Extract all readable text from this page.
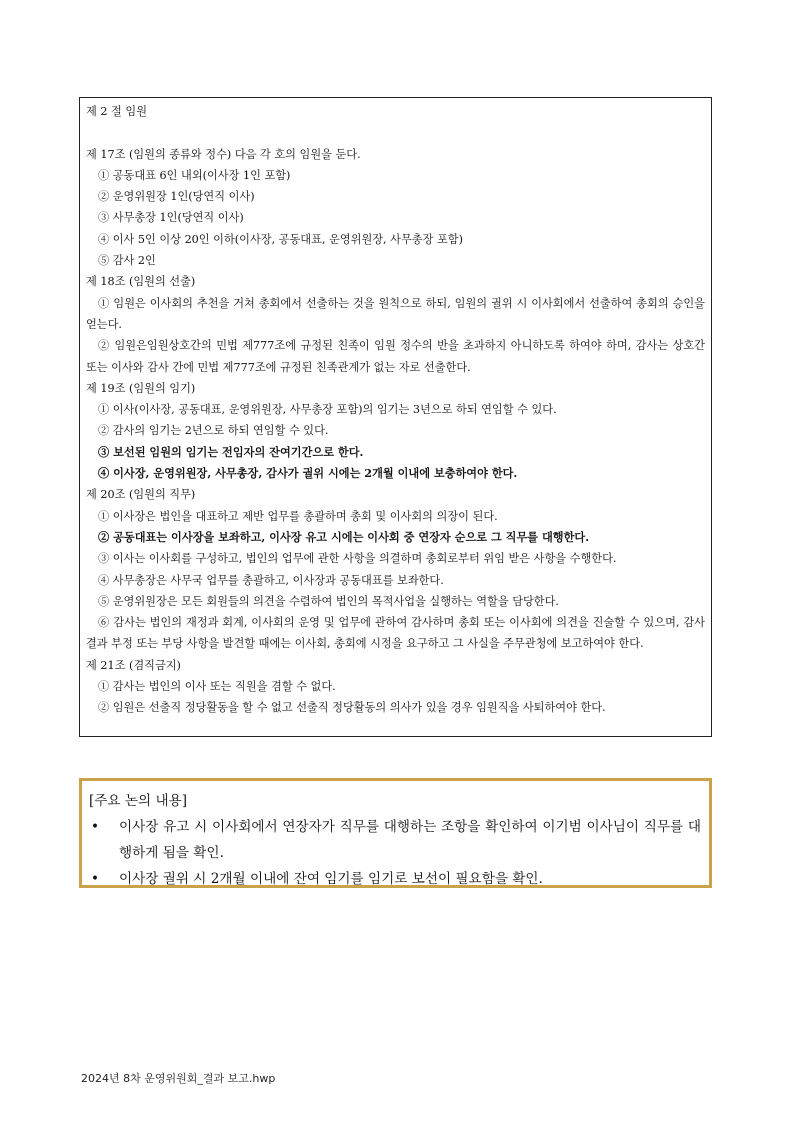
제 2 절 임원
제 17조 (임원의 종류와 정수) 다음 각 호의 임원을 둔다.
① 공동대표 6인 내외(이사장 1인 포함)
② 운영위원장 1인(당연직 이사)
③ 사무총장 1인(당연직 이사)
④ 이사 5인 이상 20인 이하(이사장, 공동대표, 운영위원장, 사무총장 포함)
⑤ 감사 2인
제 18조 (임원의 선출)
① 임원은 이사회의 추천을 거쳐 총회에서 선출하는 것을 원칙으로 하되, 임원의 궐위 시 이사회에서 선출하여 총회의 승인을 얻는다.
② 임원은임원상호간의 민법 제777조에 규정된 친족이 임원 정수의 반을 초과하지 아니하도록 하여야 하며, 감사는 상호간 또는 이사와 감사 간에 민법 제777조에 규정된 친족관계가 없는 자로 선출한다.
제 19조 (임원의 임기)
① 이사(이사장, 공동대표, 운영위원장, 사무총장 포함)의 임기는 3년으로 하되 연임할 수 있다.
② 감사의 임기는 2년으로 하되 연임할 수 있다.
③ 보선된 임원의 임기는 전임자의 잔여기간으로 한다.
④ 이사장, 운영위원장, 사무총장, 감사가 궐위 시에는 2개월 이내에 보충하여야 한다.
제 20조 (임원의 직무)
① 이사장은 법인을 대표하고 제반 업무를 총괄하며 총회 및 이사회의 의장이 된다.
② 공동대표는 이사장을 보좌하고, 이사장 유고 시에는 이사회 중 연장자 순으로 그 직무를 대행한다.
③ 이사는 이사회를 구성하고, 법인의 업무에 관한 사항을 의결하며 총회로부터 위임 받은 사항을 수행한다.
④ 사무총장은 사무국 업무를 총괄하고, 이사장과 공동대표를 보좌한다.
⑤ 운영위원장은 모든 회원들의 의견을 수렴하여 법인의 목적사업을 실행하는 역할을 담당한다.
⑥ 감사는 법인의 재정과 회계, 이사회의 운영 및 업무에 관하여 감사하며 총회 또는 이사회에 의견을 진술할 수 있으며, 감사 결과 부정 또는 부당 사항을 발견할 때에는 이사회, 총회에 시정을 요구하고 그 사실을 주무관청에 보고하여야 한다.
제 21조 (겸직금지)
① 감사는 법인의 이사 또는 직원을 겸할 수 없다.
② 임원은 선출직 정당활동을 할 수 없고 선출직 정당활동의 의사가 있을 경우 임원직을 사퇴하여야 한다.
[주요 논의 내용]
• 이사장 유고 시 이사회에서 연장자가 직무를 대행하는 조항을 확인하여 이기범 이사님이 직무를 대행하게 됨을 확인.
• 이사장 궐위 시 2개월 이내에 잔여 임기를 임기로 보선이 필요함을 확인.
2024년 8차 운영위원회_결과 보고.hwp
